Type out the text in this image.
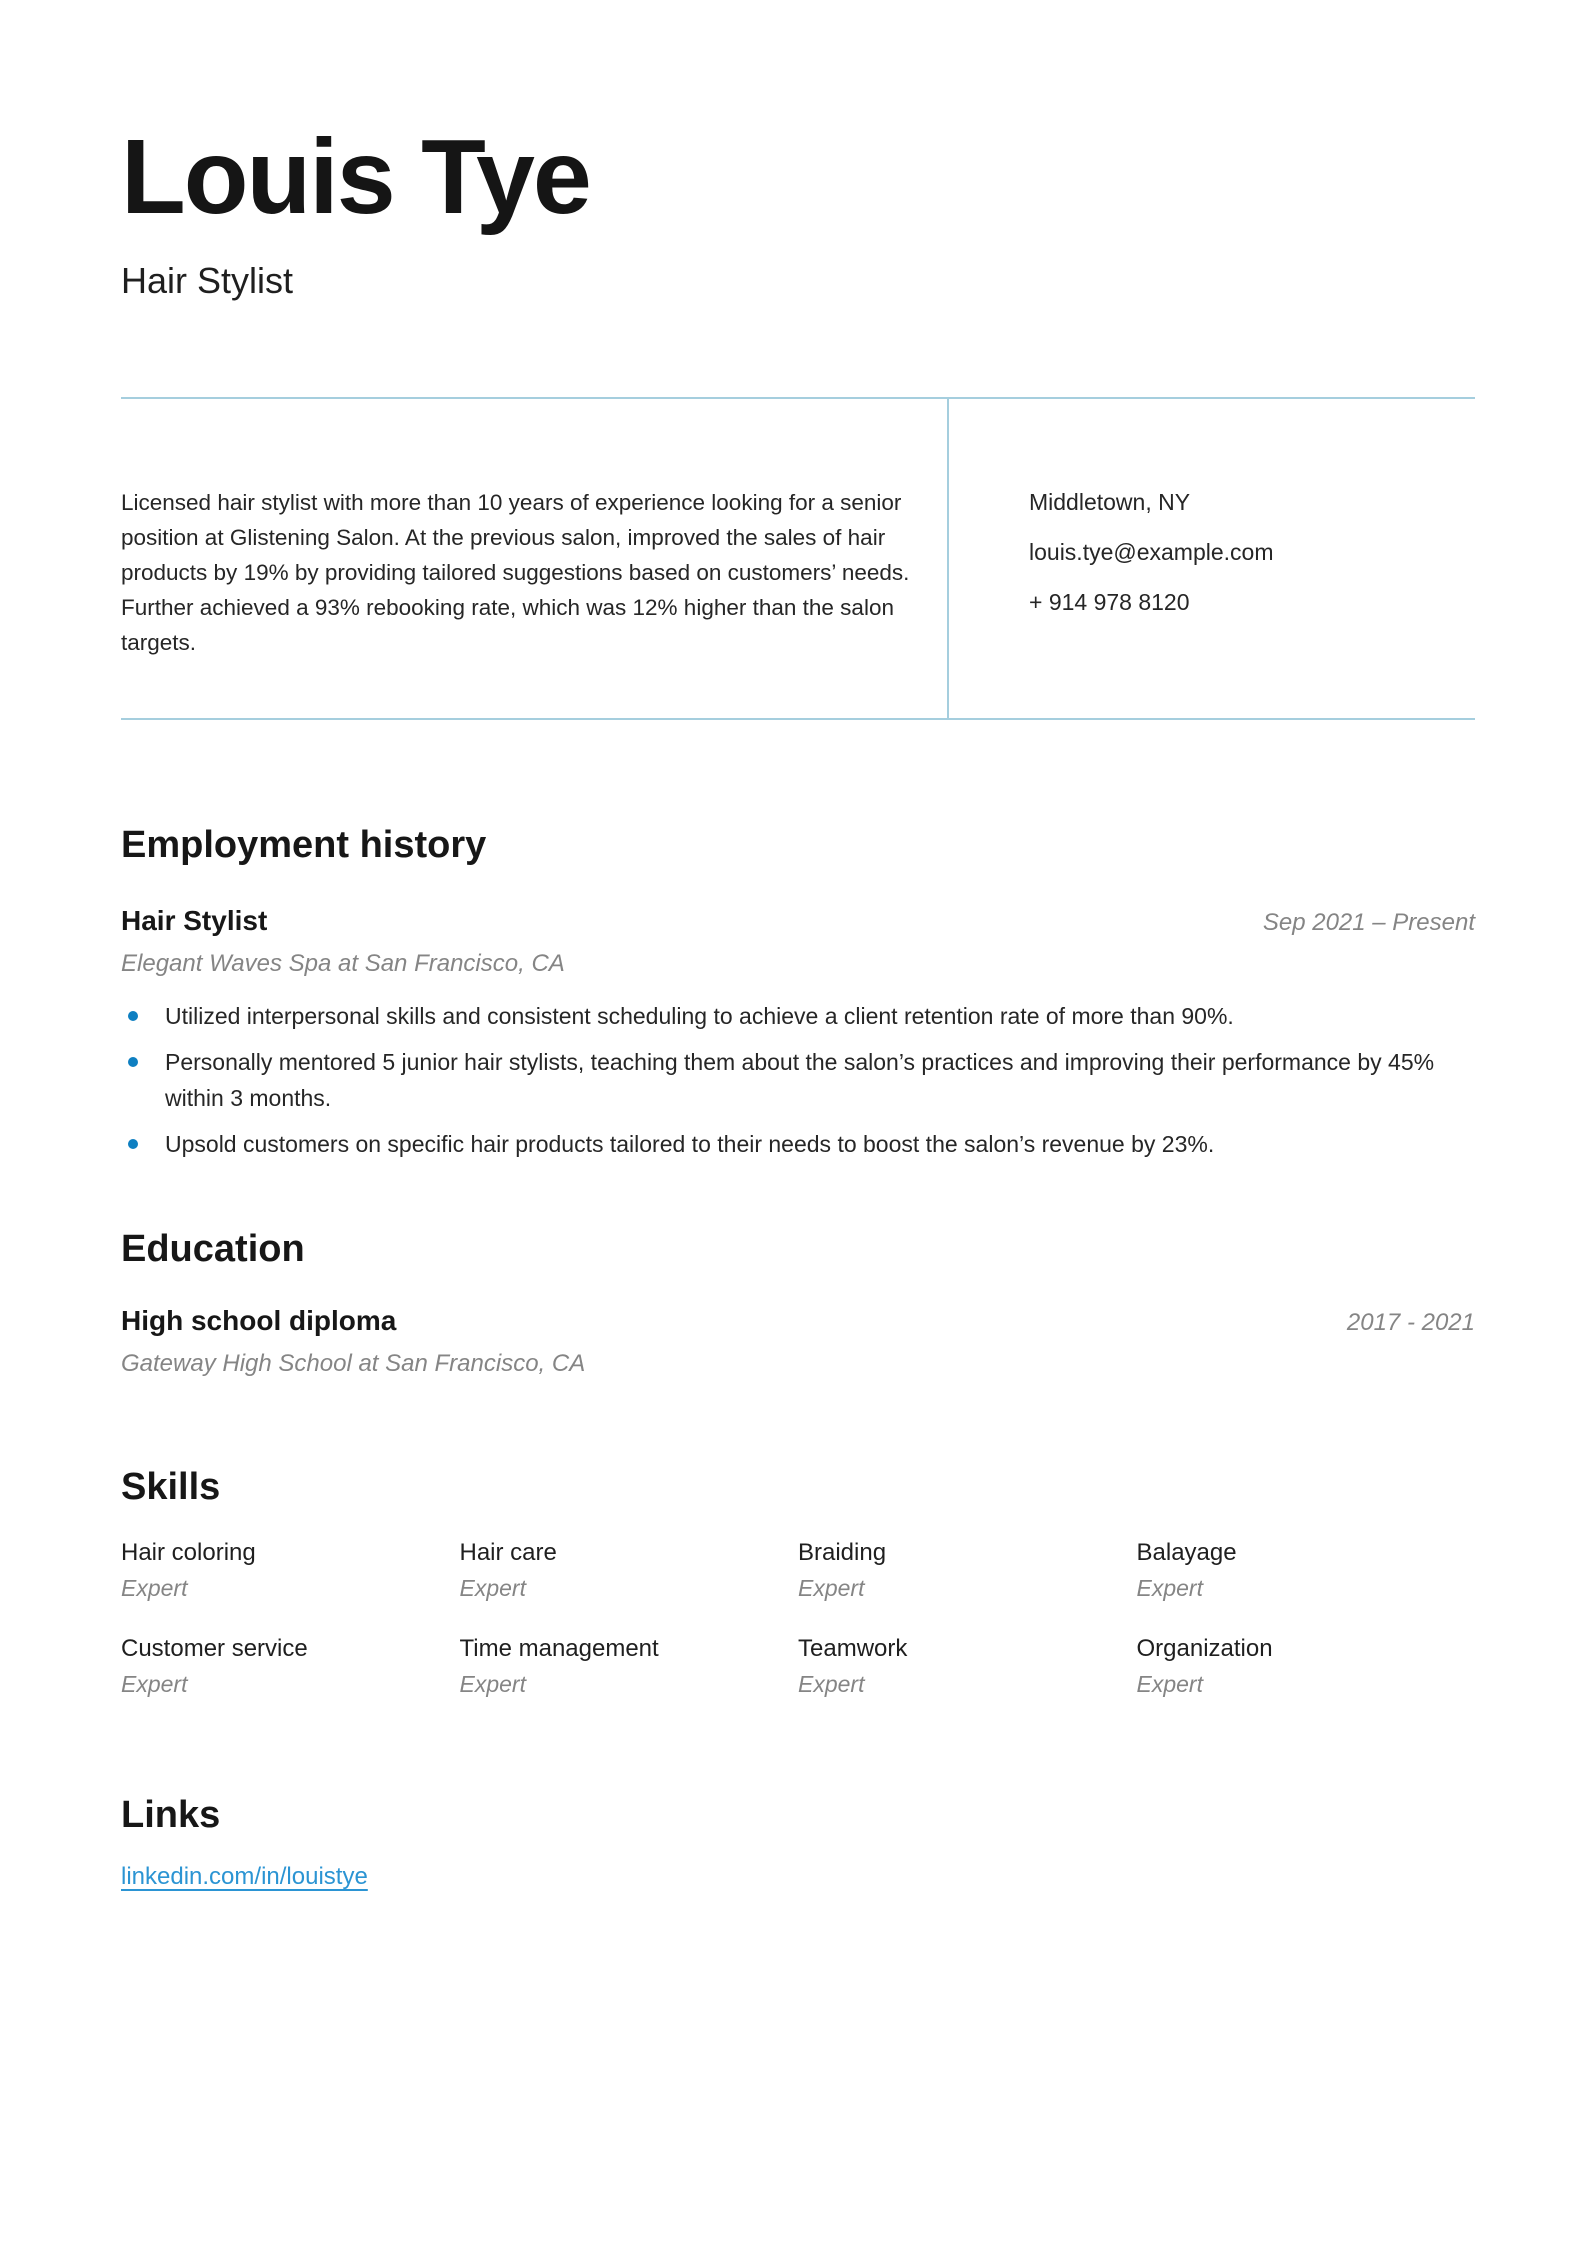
Louis Tye
Hair Stylist
Licensed hair stylist with more than 10 years of experience looking for a senior position at Glistening Salon. At the previous salon, improved the sales of hair products by 19% by providing tailored suggestions based on customers’ needs. Further achieved a 93% rebooking rate, which was 12% higher than the salon targets.
Middletown, NY
louis.tye@example.com
+ 914 978 8120
Employment history
Hair Stylist	Sep 2021 – Present
Elegant Waves Spa at San Francisco, CA
Utilized interpersonal skills and consistent scheduling to achieve a client retention rate of more than 90%.
Personally mentored 5 junior hair stylists, teaching them about the salon’s practices and improving their performance by 45% within 3 months.
Upsold customers on specific hair products tailored to their needs to boost the salon’s revenue by 23%.
Education
High school diploma	2017 - 2021
Gateway High School at San Francisco, CA
Skills
Hair coloring
Expert
Hair care
Expert
Braiding
Expert
Balayage
Expert
Customer service
Expert
Time management
Expert
Teamwork
Expert
Organization
Expert
Links
linkedin.com/in/louistye
